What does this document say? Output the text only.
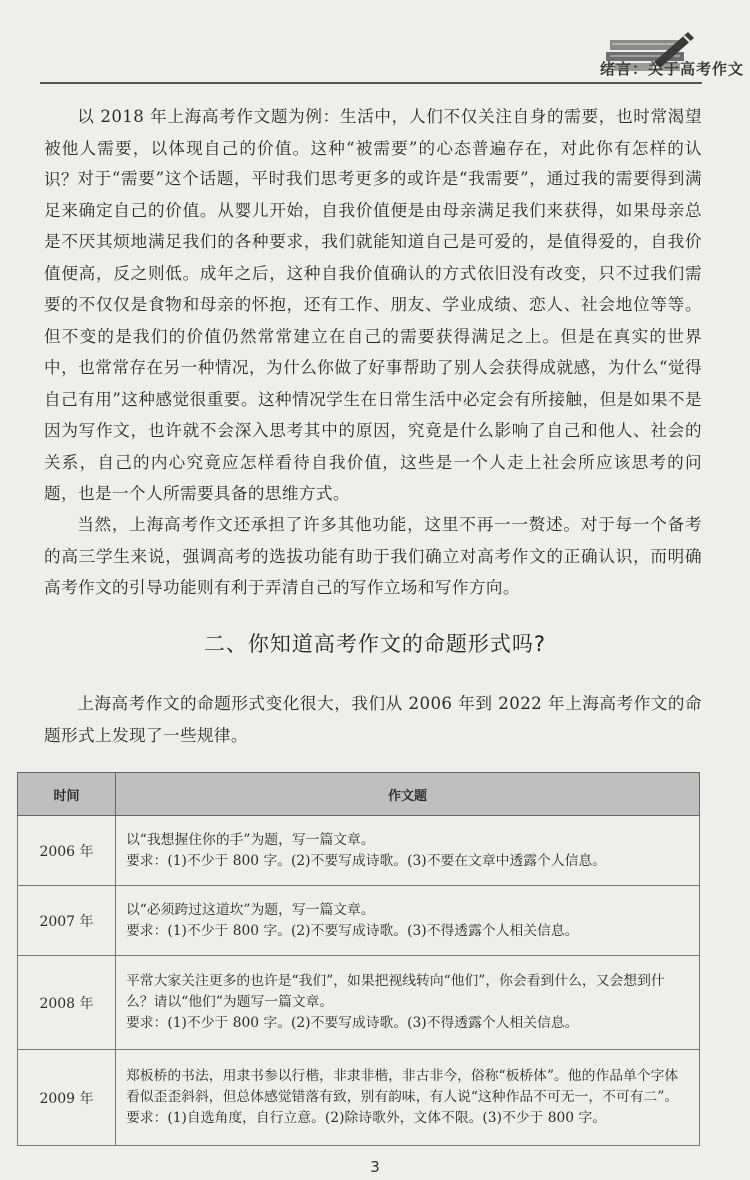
绪言：关于高考作文

以 2018 年上海高考作文题为例：生活中，人们不仅关注自身的需要，也时常渴望被他人需要，以体现自己的价值。这种“被需要”的心态普遍存在，对此你有怎样的认识？ 对于“需要”这个话题，平时我们思考更多的或许是“我需要”，通过我的需要得到满足来确定自己的价值。从婴儿开始，自我价值便是由母亲满足我们来获得，如果母亲总是不厌其烦地满足我们的各种要求，我们就能知道自己是可爱的，是值得爱的，自我价值便高，反之则低。成年之后，这种自我价值确认的方式依旧没有改变，只不过我们需要的不仅仅是食物和母亲的怀抱，还有工作、朋友、学业成绩、恋人、社会地位等等。但不变的是我们的价值仍然常常建立在自己的需要获得满足之上。但是在真实的世界中，也常常存在另一种情况，为什么你做了好事帮助了别人会获得成就感，为什么“觉得自己有用”这种感觉很重要。这种情况学生在日常生活中必定会有所接触，但是如果不是因为写作文，也许就不会深入思考其中的原因，究竟是什么影响了自己和他人、社会的关系，自己的内心究竟应怎样看待自我价值，这些是一个人走上社会所应该思考的问题，也是一个人所需要具备的思维方式。

当然，上海高考作文还承担了许多其他功能，这里不再一一赘述。对于每一个备考的高三学生来说，强调高考的选拔功能有助于我们确立对高考作文的正确认识，而明确高考作文的引导功能则有利于弄清自己的写作立场和写作方向。

二、你知道高考作文的命题形式吗?

上海高考作文的命题形式变化很大，我们从 2006 年到 2022 年上海高考作文的命题形式上发现了一些规律。

时间	作文题
2006 年	以“我想握住你的手”为题，写一篇文章。
要求：(1)不少于 800 字。(2)不要写成诗歌。(3)不要在文章中透露个人信息。

2007 年	以“必须跨过这道坎”为题，写一篇文章。
要求：(1)不少于 800 字。(2)不要写成诗歌。(3)不得透露个人相关信息。

2008 年	平常大家关注更多的也许是“我们”，如果把视线转向“他们”，你会看到什么，又会想到什么？请以“他们”为题写一篇文章。
要求：(1)不少于 800 字。(2)不要写成诗歌。(3)不得透露个人相关信息。

2009 年	郑板桥的书法，用隶书参以行楷，非隶非楷，非古非今，俗称“板桥体”。他的作品单个字体看似歪歪斜斜，但总体感觉错落有致，别有韵味，有人说“这种作品不可无一，不可有二”。
要求：(1)自选角度，自行立意。(2)除诗歌外，文体不限。(3)不少于 800 字。
3
